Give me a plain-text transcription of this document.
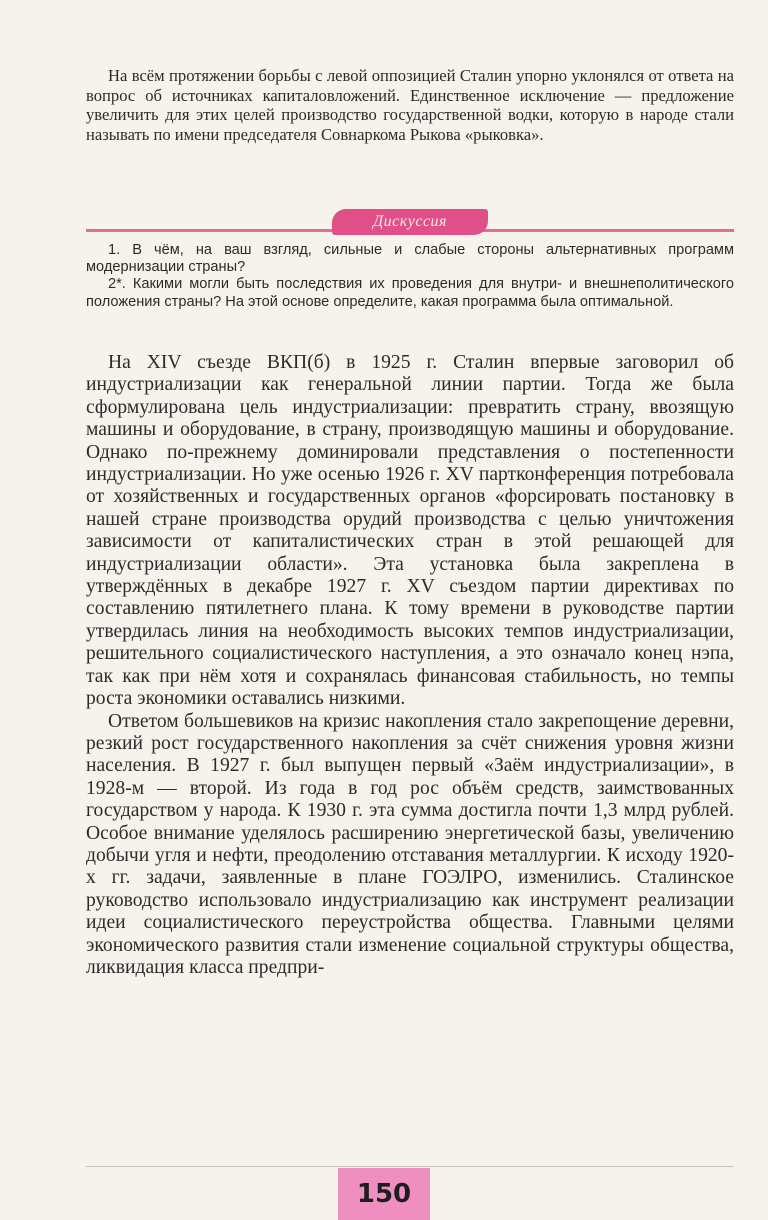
На всём протяжении борьбы с левой оппозицией Сталин упорно уклонялся от ответа на вопрос об источниках капиталовложений. Единственное исключение — предложение увеличить для этих целей производство государственной водки, которую в народе стали называть по имени председателя Совнаркома Рыкова «рыковка».

Дискуссия

1. В чём, на ваш взгляд, сильные и слабые стороны альтернативных программ модернизации страны?

2*. Какими могли быть последствия их проведения для внутри- и внешнеполитического положения страны? На этой основе определите, какая программа была оптимальной.

На XIV съезде ВКП(б) в 1925 г. Сталин впервые заговорил об индустриализации как генеральной линии партии. Тогда же была сформулирована цель индустриализации: превратить страну, ввозящую машины и оборудование, в страну, производящую машины и оборудование. Однако по-прежнему доминировали представления о постепенности индустриализации. Но уже осенью 1926 г. XV партконференция потребовала от хозяйственных и государственных органов «форсировать постановку в нашей стране производства орудий производства с целью уничтожения зависимости от капиталистических стран в этой решающей для индустриализации области». Эта установка была закреплена в утверждённых в декабре 1927 г. XV съездом партии директивах по составлению пятилетнего плана. К тому времени в руководстве партии утвердилась линия на необходимость высоких темпов индустриализации, решительного социалистического наступления, а это означало конец нэпа, так как при нём хотя и сохранялась финансовая стабильность, но темпы роста экономики оставались низкими.

Ответом большевиков на кризис накопления стало закрепощение деревни, резкий рост государственного накопления за счёт снижения уровня жизни населения. В 1927 г. был выпущен первый «Заём индустриализации», в 1928-м — второй. Из года в год рос объём средств, заимствованных государством у народа. К 1930 г. эта сумма достигла почти 1,3 млрд рублей. Особое внимание уделялось расширению энергетической базы, увеличению добычи угля и нефти, преодолению отставания металлургии. К исходу 1920-х гг. задачи, заявленные в плане ГОЭЛРО, изменились. Сталинское руководство использовало индустриализацию как инструмент реализации идеи социалистического переустройства общества. Главными целями экономического развития стали изменение социальной структуры общества, ликвидация класса предпри-

150
